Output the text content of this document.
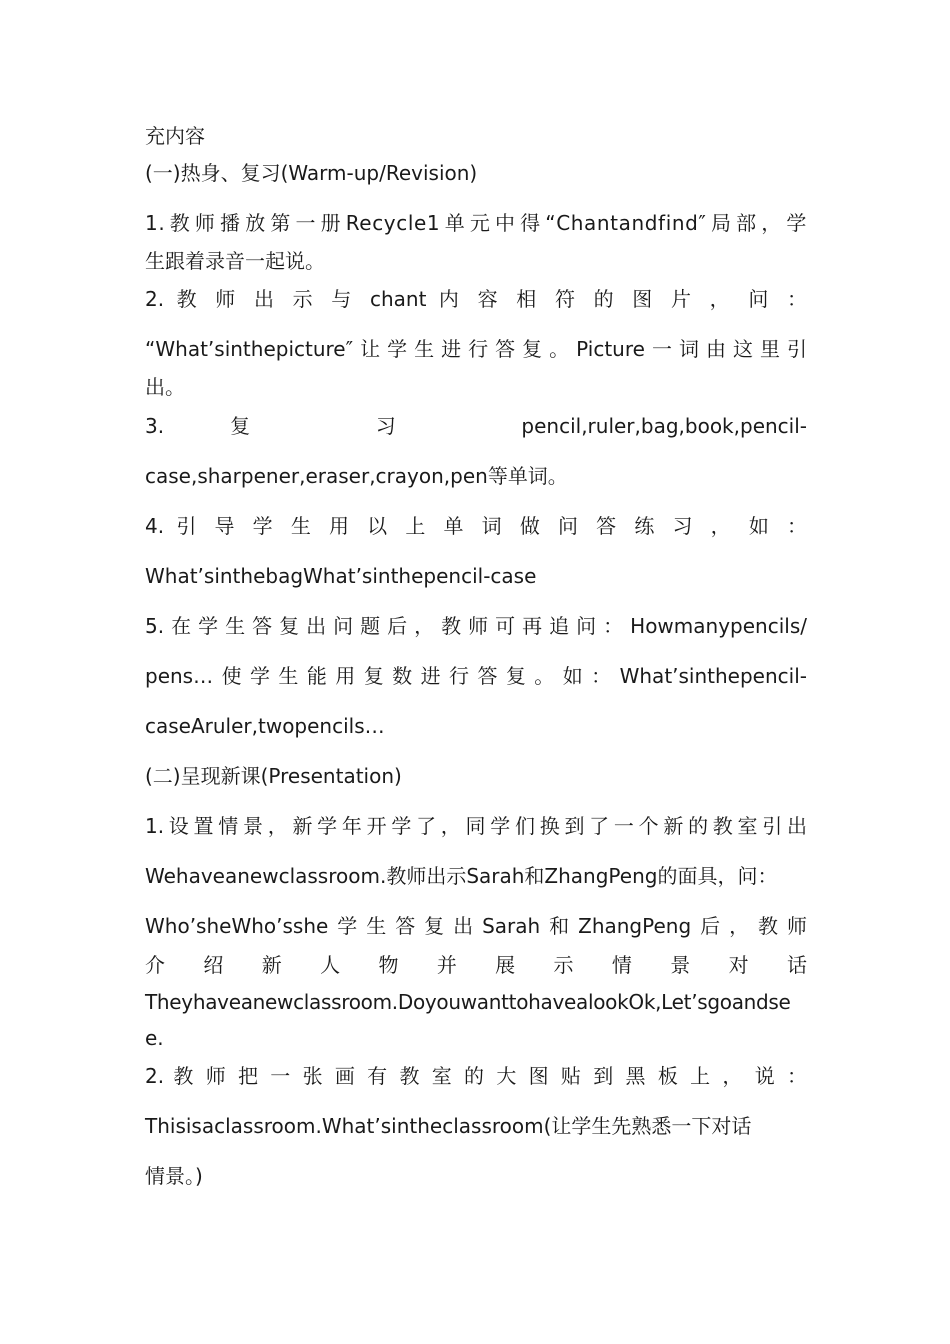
充内容
(一)热身、复习(Warm-up/Revision)
1.教师播放第一册Recycle1单元中得“Chantandfind″局部，学
生跟着录音一起说。
2. 教 师 出 示 与 chant 内 容 相 符 的 图 片 ， 问 ：
“What’sinthepicture″让学生进行答复。Picture一词由这里引
出。
3. 复 习 pencil,ruler,bag,book,pencil-
case,sharpener,eraser,crayon,pen等单词。
4. 引 导 学 生 用 以 上 单 词 做 问 答 练 习 ， 如 ：
What’sinthebagWhat’sinthepencil-case
5.在学生答复出问题后，教师可再追问：Howmanypencils/
pens…使学生能用复数进行答复。如：What’sinthepencil-
caseAruler,twopencils…
(二)呈现新课(Presentation)
1.设置情景，新学年开学了，同学们换到了一个新的教室引出
Wehaveanewclassroom.教师出示Sarah和ZhangPeng的面具，问：
Who’sheWho’sshe学生答复出Sarah和ZhangPeng后，教师
介 绍 新 人 物 并 展 示 情 景 对 话
Theyhaveanewclassroom.DoyouwanttohavealookOk,Let’sgoandse
e.
2. 教 师 把 一 张 画 有 教 室 的 大 图 贴 到 黑 板 上 ， 说 ：
Thisisaclassroom.What’sintheclassroom(让学生先熟悉一下对话
情景。)
